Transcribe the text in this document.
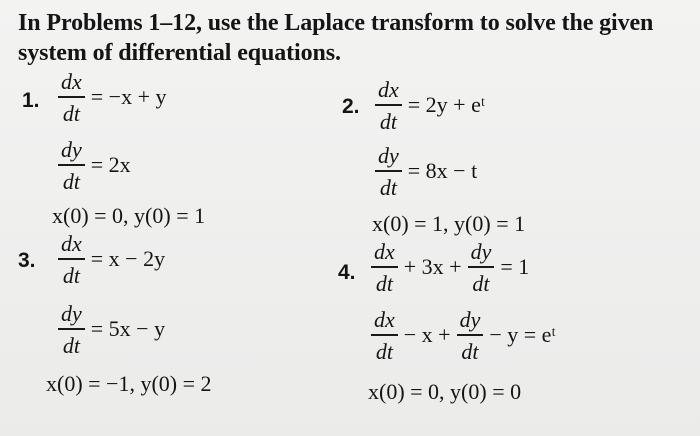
In Problems 1–12, use the Laplace transform to solve the given
system of differential equations.
1. $\frac{dx}{dt} = -x + y$
$\frac{dy}{dt} = 2x$
x(0) = 0, y(0) = 1
2. $\frac{dx}{dt} = 2y$ + eᵗ
$\frac{dy}{dt} = 8x - t$
x(0) = 1, y(0) = 1
3. $\frac{dx}{dt} = x - 2y$
$\frac{dy}{dt} = 5x - y$
x(0) = −1, y(0) = 2
4. $\frac{dx}{dt} + 3x + \frac{dy}{dt} = 1$
$\frac{dx}{dt} - x + \frac{dy}{dt} - y$ = eᵗ
x(0) = 0, y(0) = 0
